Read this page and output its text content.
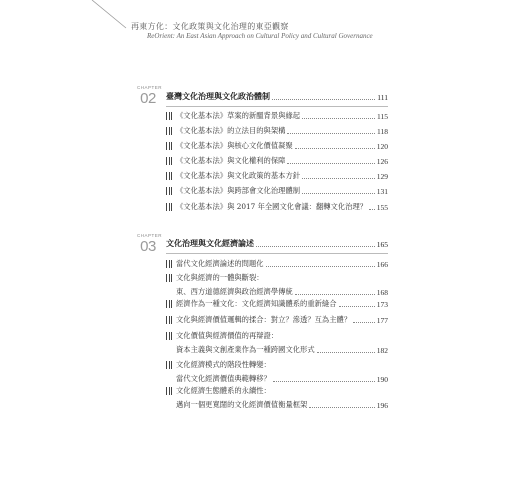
再東方化：文化政策與文化治理的東亞觀察
ReOrient: An East Asian Approach on Cultural Policy and Cultural Governance
CHAPTER
02	臺灣文化治理與文化政治體制	111
《文化基本法》草案的新醞背景與緣起	115
《文化基本法》的立法目的與架構	118
《文化基本法》與核心文化價值凝聚	120
《文化基本法》與文化權利的保障	126
《文化基本法》與文化政策的基本方針	129
《文化基本法》與跨部會文化治理體制	131
《文化基本法》與 2017 年全國文化會議：翻轉文化治理？ 155
CHAPTER
03	文化治理與文化經濟論述	165
當代文化經濟論述的問題化	166
文化與經濟的一體與斷裂：
東、西方道德經濟與政治經濟學傳統	168
經濟作為一種文化：文化經濟知識體系的重新縫合	173
文化與經濟價值邏輯的揉合：對立？滲透？互為主體？	177
文化價值與經濟價值的再辯證：
資本主義與文創產業作為一種跨國文化形式	182
文化經濟模式的階段性轉變：
當代文化經濟價值典範轉移？	190
文化經濟生態體系的永續性：
邁向一個更寬闊的文化經濟價值衡量框架	196
